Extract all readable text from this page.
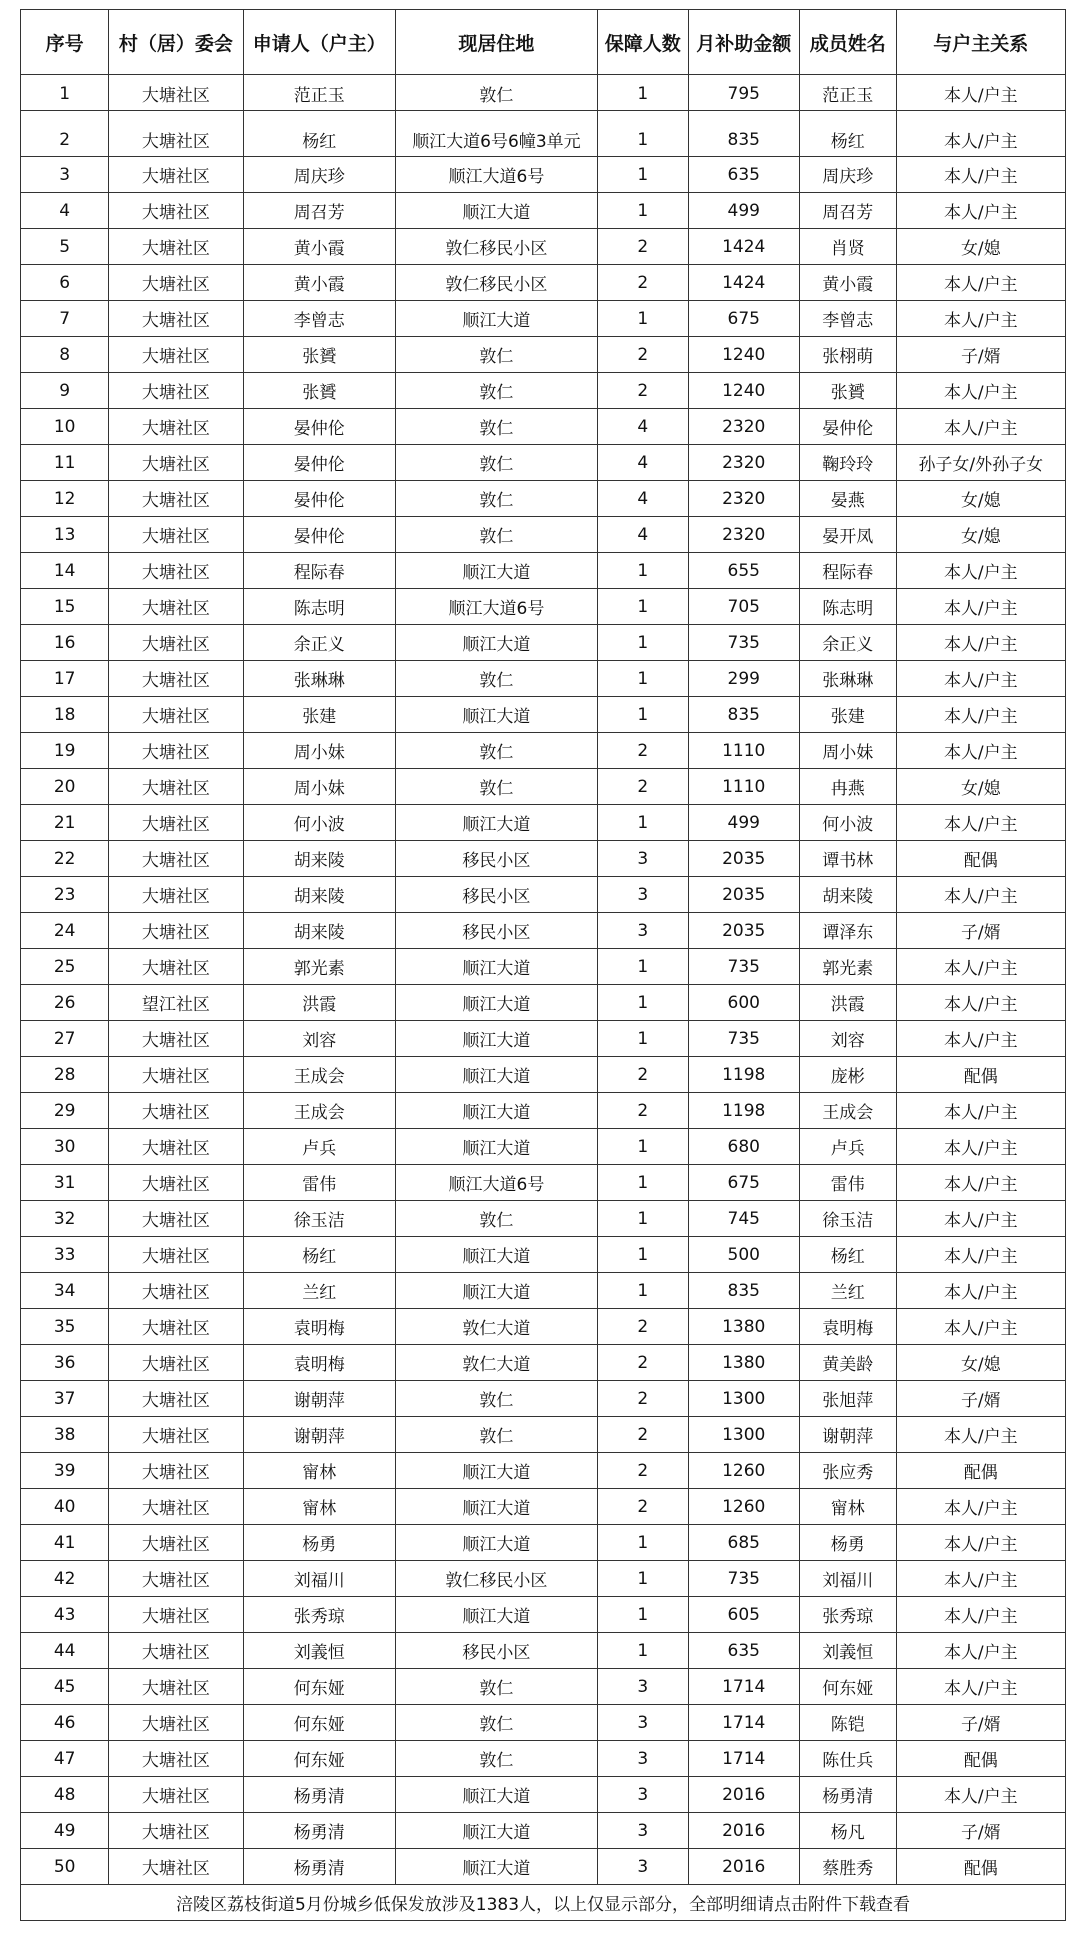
序号	村（居）委会	申请人（户主）	现居住地	保障人数	月补助金额	成员姓名	与户主关系
1	大塘社区	范正玉	敦仁	1	795	范正玉	本人/户主
2	大塘社区	杨红	顺江大道6号6幢3单元	1	835	杨红	本人/户主
3	大塘社区	周庆珍	顺江大道6号	1	635	周庆珍	本人/户主
4	大塘社区	周召芳	顺江大道	1	499	周召芳	本人/户主
5	大塘社区	黄小霞	敦仁移民小区	2	1424	肖贤	女/媳
6	大塘社区	黄小霞	敦仁移民小区	2	1424	黄小霞	本人/户主
7	大塘社区	李曾志	顺江大道	1	675	李曾志	本人/户主
8	大塘社区	张贇	敦仁	2	1240	张栩萌	子/婿
9	大塘社区	张贇	敦仁	2	1240	张贇	本人/户主
10	大塘社区	晏仲伦	敦仁	4	2320	晏仲伦	本人/户主
11	大塘社区	晏仲伦	敦仁	4	2320	鞠玲玲	孙子女/外孙子女
12	大塘社区	晏仲伦	敦仁	4	2320	晏燕	女/媳
13	大塘社区	晏仲伦	敦仁	4	2320	晏开凤	女/媳
14	大塘社区	程际春	顺江大道	1	655	程际春	本人/户主
15	大塘社区	陈志明	顺江大道6号	1	705	陈志明	本人/户主
16	大塘社区	余正义	顺江大道	1	735	余正义	本人/户主
17	大塘社区	张琳琳	敦仁	1	299	张琳琳	本人/户主
18	大塘社区	张建	顺江大道	1	835	张建	本人/户主
19	大塘社区	周小妹	敦仁	2	1110	周小妹	本人/户主
20	大塘社区	周小妹	敦仁	2	1110	冉燕	女/媳
21	大塘社区	何小波	顺江大道	1	499	何小波	本人/户主
22	大塘社区	胡来陵	移民小区	3	2035	谭书林	配偶
23	大塘社区	胡来陵	移民小区	3	2035	胡来陵	本人/户主
24	大塘社区	胡来陵	移民小区	3	2035	谭泽东	子/婿
25	大塘社区	郭光素	顺江大道	1	735	郭光素	本人/户主
26	望江社区	洪霞	顺江大道	1	600	洪霞	本人/户主
27	大塘社区	刘容	顺江大道	1	735	刘容	本人/户主
28	大塘社区	王成会	顺江大道	2	1198	庞彬	配偶
29	大塘社区	王成会	顺江大道	2	1198	王成会	本人/户主
30	大塘社区	卢兵	顺江大道	1	680	卢兵	本人/户主
31	大塘社区	雷伟	顺江大道6号	1	675	雷伟	本人/户主
32	大塘社区	徐玉洁	敦仁	1	745	徐玉洁	本人/户主
33	大塘社区	杨红	顺江大道	1	500	杨红	本人/户主
34	大塘社区	兰红	顺江大道	1	835	兰红	本人/户主
35	大塘社区	袁明梅	敦仁大道	2	1380	袁明梅	本人/户主
36	大塘社区	袁明梅	敦仁大道	2	1380	黄美龄	女/媳
37	大塘社区	谢朝萍	敦仁	2	1300	张旭萍	子/婿
38	大塘社区	谢朝萍	敦仁	2	1300	谢朝萍	本人/户主
39	大塘社区	甯林	顺江大道	2	1260	张应秀	配偶
40	大塘社区	甯林	顺江大道	2	1260	甯林	本人/户主
41	大塘社区	杨勇	顺江大道	1	685	杨勇	本人/户主
42	大塘社区	刘福川	敦仁移民小区	1	735	刘福川	本人/户主
43	大塘社区	张秀琼	顺江大道	1	605	张秀琼	本人/户主
44	大塘社区	刘義恒	移民小区	1	635	刘義恒	本人/户主
45	大塘社区	何东娅	敦仁	3	1714	何东娅	本人/户主
46	大塘社区	何东娅	敦仁	3	1714	陈铠	子/婿
47	大塘社区	何东娅	敦仁	3	1714	陈仕兵	配偶
48	大塘社区	杨勇清	顺江大道	3	2016	杨勇清	本人/户主
49	大塘社区	杨勇清	顺江大道	3	2016	杨凡	子/婿
50	大塘社区	杨勇清	顺江大道	3	2016	蔡胜秀	配偶
涪陵区荔枝街道5月份城乡低保发放涉及1383人，以上仅显示部分，全部明细请点击附件下载查看							
